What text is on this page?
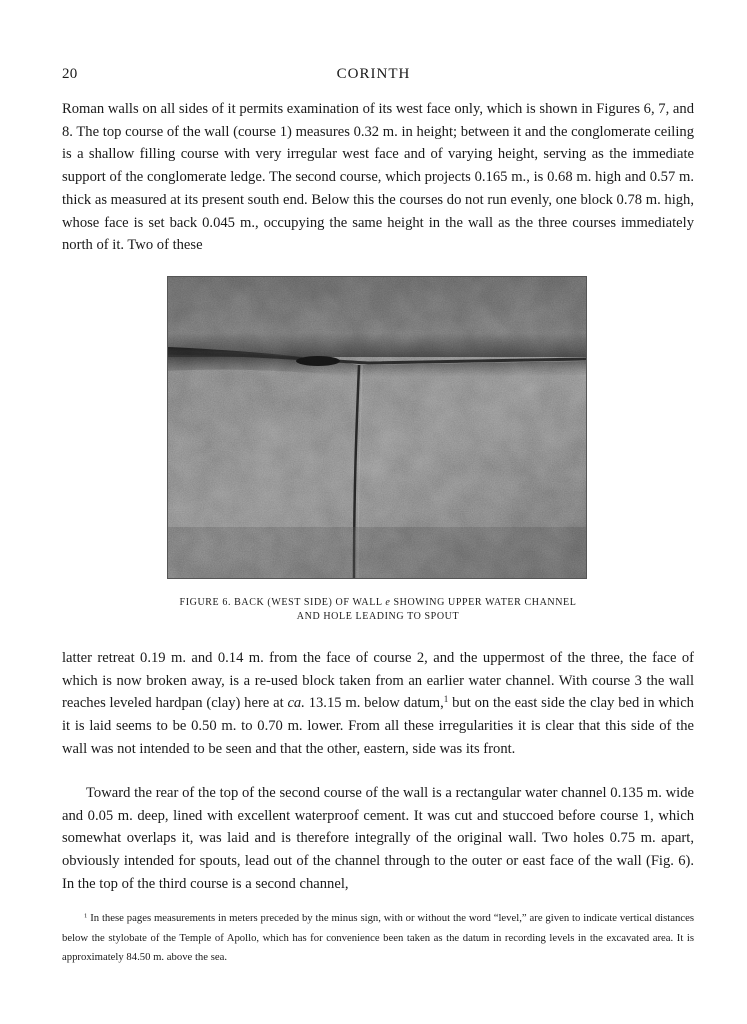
20	CORINTH

Roman walls on all sides of it permits examination of its west face only, which is shown in Figures 6, 7, and 8. The top course of the wall (course 1) measures 0.32 m. in height; between it and the conglomerate ceiling is a shallow filling course with very irregular west face and of varying height, serving as the immediate support of the conglomerate ledge. The second course, which projects 0.165 m., is 0.68 m. high and 0.57 m. thick as measured at its present south end. Below this the courses do not run evenly, one block 0.78 m. high, whose face is set back 0.045 m., occupying the same height in the wall as the three courses immediately north of it. Two of these

FIGURE 6. BACK (WEST SIDE) OF WALL e SHOWING UPPER WATER CHANNEL
AND HOLE LEADING TO SPOUT

latter retreat 0.19 m. and 0.14 m. from the face of course 2, and the uppermost of the three, the face of which is now broken away, is a re-used block taken from an earlier water channel. With course 3 the wall reaches leveled hardpan (clay) here at ca. 13.15 m. below datum,$^1$ but on the east side the clay bed in which it is laid seems to be 0.50 m. to 0.70 m. lower. From all these irregularities it is clear that this side of the wall was not intended to be seen and that the other, eastern, side was its front.

Toward the rear of the top of the second course of the wall is a rectangular water channel 0.135 m. wide and 0.05 m. deep, lined with excellent waterproof cement. It was cut and stuccoed before course 1, which somewhat overlaps it, was laid and is therefore integrally of the original wall. Two holes 0.75 m. apart, obviously intended for spouts, lead out of the channel through to the outer or east face of the wall (Fig. 6). In the top of the third course is a second channel,

$^1$ In these pages measurements in meters preceded by the minus sign, with or without the word “level,” are given to indicate vertical distances below the stylobate of the Temple of Apollo, which has for convenience been taken as the datum in recording levels in the excavated area. It is approximately 84.50 m. above the sea.
